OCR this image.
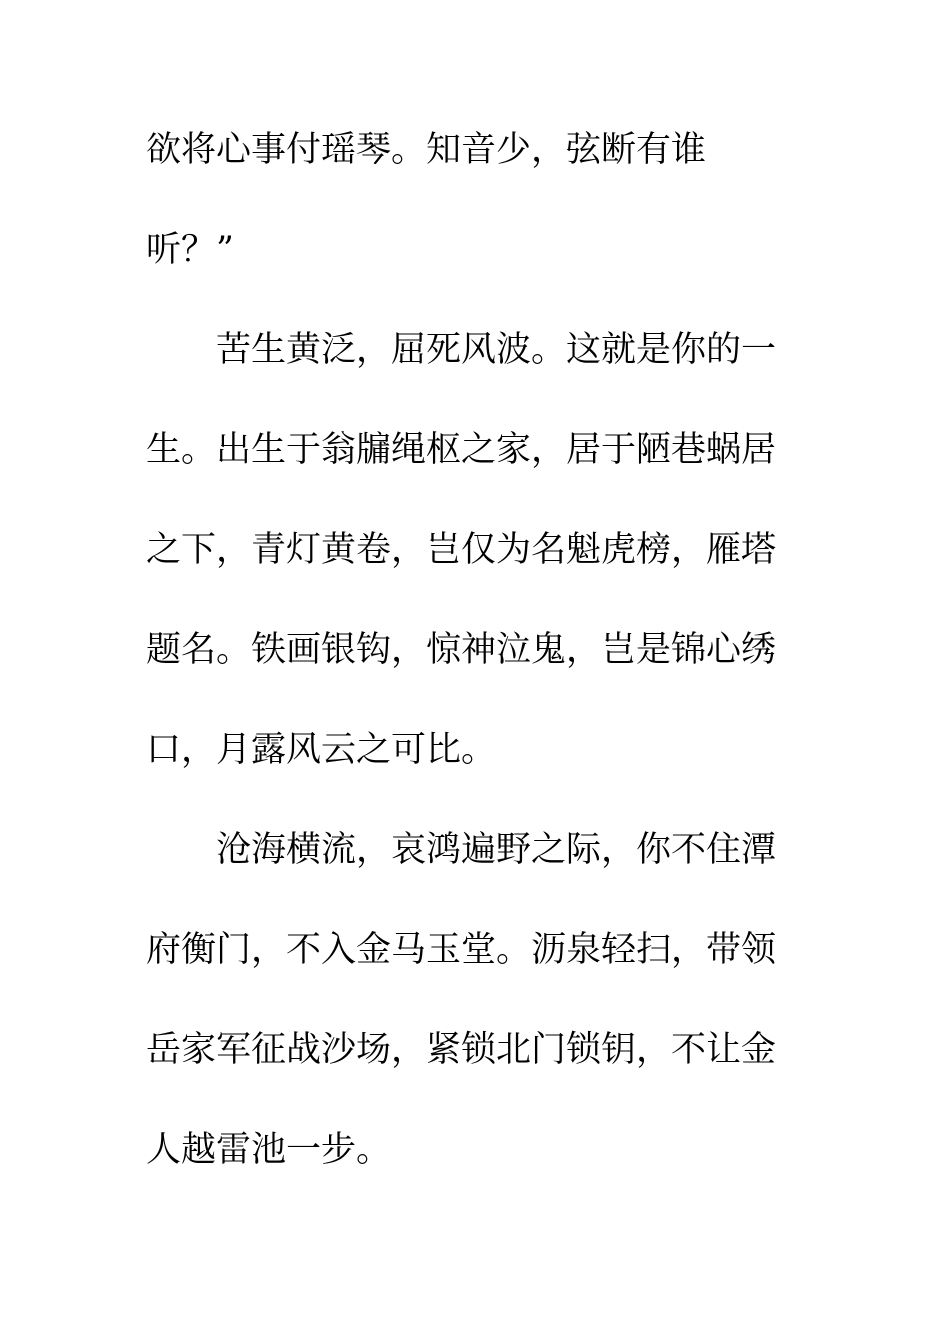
欲将心事付瑶琴。知音少，弦断有谁
听？”
苦生黄泛，屈死风波。这就是你的一
生。出生于翁牖绳枢之家，居于陋巷蜗居
之下，青灯黄卷，岂仅为名魁虎榜，雁塔
题名。铁画银钩，惊神泣鬼，岂是锦心绣
口，月露风云之可比。
沧海横流，哀鸿遍野之际，你不住潭
府衡门，不入金马玉堂。沥泉轻扫，带领
岳家军征战沙场，紧锁北门锁钥，不让金
人越雷池一步。
